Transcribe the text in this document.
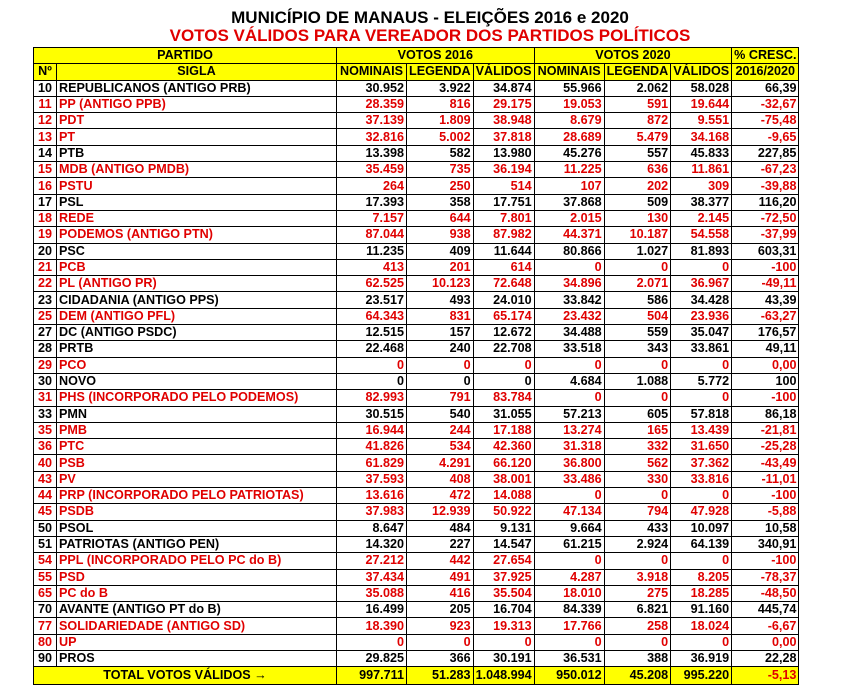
MUNICÍPIO DE MANAUS - ELEIÇÕES 2016 e 2020
VOTOS VÁLIDOS PARA VEREADOR DOS PARTIDOS POLÍTICOS
PARTIDO		VOTOS 2016			VOTOS 2020			% CRESC.
Nº	SIGLA	NOMINAIS	LEGENDA	VÁLIDOS	NOMINAIS	LEGENDA	VÁLIDOS	2016/2020
10	REPUBLICANOS (ANTIGO PRB)	30.952	3.922	34.874	55.966	2.062	58.028	66,39
11	PP (ANTIGO PPB)	28.359	816	29.175	19.053	591	19.644	-32,67
12	PDT	37.139	1.809	38.948	8.679	872	9.551	-75,48
13	PT	32.816	5.002	37.818	28.689	5.479	34.168	-9,65
14	PTB	13.398	582	13.980	45.276	557	45.833	227,85
15	MDB (ANTIGO PMDB)	35.459	735	36.194	11.225	636	11.861	-67,23
16	PSTU	264	250	514	107	202	309	-39,88
17	PSL	17.393	358	17.751	37.868	509	38.377	116,20
18	REDE	7.157	644	7.801	2.015	130	2.145	-72,50
19	PODEMOS (ANTIGO PTN)	87.044	938	87.982	44.371	10.187	54.558	-37,99
20	PSC	11.235	409	11.644	80.866	1.027	81.893	603,31
21	PCB	413	201	614	0	0	0	-100
22	PL (ANTIGO PR)	62.525	10.123	72.648	34.896	2.071	36.967	-49,11
23	CIDADANIA (ANTIGO PPS)	23.517	493	24.010	33.842	586	34.428	43,39
25	DEM (ANTIGO PFL)	64.343	831	65.174	23.432	504	23.936	-63,27
27	DC (ANTIGO PSDC)	12.515	157	12.672	34.488	559	35.047	176,57
28	PRTB	22.468	240	22.708	33.518	343	33.861	49,11
29	PCO	0	0	0	0	0	0	0,00
30	NOVO	0	0	0	4.684	1.088	5.772	100
31	PHS (INCORPORADO PELO PODEMOS)	82.993	791	83.784	0	0	0	-100
33	PMN	30.515	540	31.055	57.213	605	57.818	86,18
35	PMB	16.944	244	17.188	13.274	165	13.439	-21,81
36	PTC	41.826	534	42.360	31.318	332	31.650	-25,28
40	PSB	61.829	4.291	66.120	36.800	562	37.362	-43,49
43	PV	37.593	408	38.001	33.486	330	33.816	-11,01
44	PRP (INCORPORADO PELO PATRIOTAS)	13.616	472	14.088	0	0	0	-100
45	PSDB	37.983	12.939	50.922	47.134	794	47.928	-5,88
50	PSOL	8.647	484	9.131	9.664	433	10.097	10,58
51	PATRIOTAS (ANTIGO PEN)	14.320	227	14.547	61.215	2.924	64.139	340,91
54	PPL (INCORPORADO PELO PC do B)	27.212	442	27.654	0	0	0	-100
55	PSD	37.434	491	37.925	4.287	3.918	8.205	-78,37
65	PC do B	35.088	416	35.504	18.010	275	18.285	-48,50
70	AVANTE (ANTIGO PT do B)	16.499	205	16.704	84.339	6.821	91.160	445,74
77	SOLIDARIEDADE (ANTIGO SD)	18.390	923	19.313	17.766	258	18.024	-6,67
80	UP	0	0	0	0	0	0	0,00
90	PROS	29.825	366	30.191	36.531	388	36.919	22,28
TOTAL VOTOS VÁLIDOS →		997.711	51.283	1.048.994	950.012	45.208	995.220	-5,13
